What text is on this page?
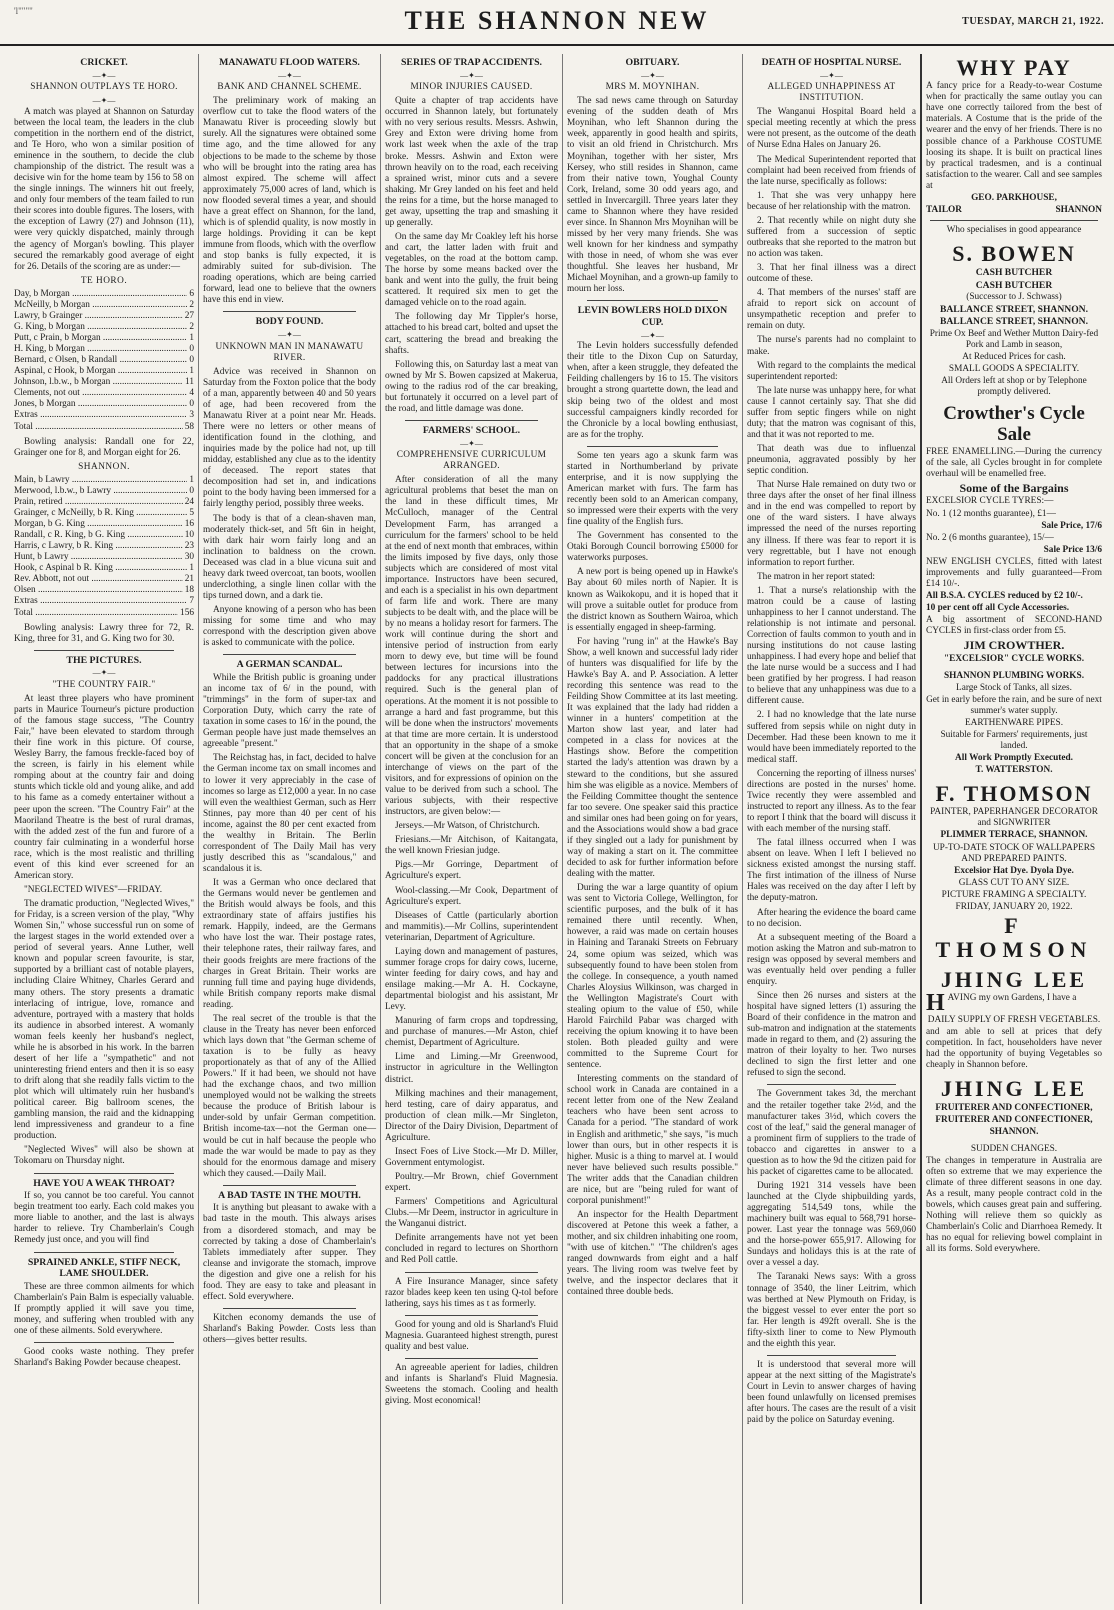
'l""""	THE SHANNON NEW	TUESDAY, MARCH 21, 1922.
CRICKET.
—✦—
SHANNON OUTPLAYS TE HORO.
—✦—

A match was played at Shannon on Saturday between the local team, the leaders in the club competition in the northern end of the district, and Te Horo, who won a similar position of eminence in the southern, to decide the club championship of the district. The result was a decisive win for the home team by 156 to 58 on the single innings. The winners hit out freely, and only four members of the team failed to run their scores into double figures. The losers, with the exception of Lawry (27) and Johnson (11), were very quickly dispatched, mainly through the agency of Morgan's bowling. This player secured the remarkably good average of eight for 26. Details of the scoring are as under:—

TE HORO.
Day, b Morgan .....	6
McNeilly, b Morgan .....	2
Lawry, b Grainger .....	27
G. King, b Morgan .....	2
Putt, c Prain, b Morgan .....	1
H. King, b Morgan .....	0
Bernard, c Olsen, b Randall .....	0
Aspinal, c Hook, b Morgan .....	1
Johnson, l.b.w., b Morgan .....	11
Clements, not out .....	4
Jones, b Morgan .....	0
Extras .....	3
Total .....	58

Bowling analysis: Randall one for 22, Grainger one for 8, and Morgan eight for 26.

SHANNON.
Main, b Lawry .....	1
Merwood, l.b.w., b Lawry .....	0
Prain, retired .....	24
Grainger, c McNeilly, b R. King .....	5
Morgan, b G. King .....	16
Randall, c R. King, b G. King .....	10
Harris, c Lawry, b R. King .....	23
Hunt, b Lawry .....	30
Hook, c Aspinal b R. King .....	1
Rev. Abbott, not out .....	21
Olsen .....	18
Extras .....	7
Total .....	156

Bowling analysis: Lawry three for 72, R. King, three for 31, and G. King two for 30.

THE PICTURES.
—✦—
"THE COUNTRY FAIR."

At least three players who have prominent parts in Maurice Tourneur's picture production of the famous stage success, "The Country Fair," have been elevated to stardom through their fine work in this picture. Of course, Wesley Barry, the famous freckle-faced boy of the screen, is fairly in his element while romping about at the country fair and doing stunts which tickle old and young alike, and add to his fame as a comedy entertainer without a peer upon the screen. "The Country Fair" at the Maoriland Theatre is the best of rural dramas, with the added zest of the fun and furore of a country fair culminating in a wonderful horse race, which is the most realistic and thrilling event of this kind ever screened for an American story.

"NEGLECTED WIVES"—FRIDAY.

The dramatic production, "Neglected Wives," for Friday, is a screen version of the play, "Why Women Sin," whose successful run on some of the largest stages in the world extended over a period of several years. Anne Luther, well known and popular screen favourite, is star, supported by a brilliant cast of notable players, including Claire Whitney, Charles Gerard and many others. The story presents a dramatic interlacing of intrigue, love, romance and adventure, portrayed with a mastery that holds its audience in absorbed interest. A womanly woman feels keenly her husband's neglect, while he is absorbed in his work. In the barren desert of her life a "sympathetic" and not uninteresting friend enters and then it is so easy to drift along that she readily falls victim to the plot which will ultimately ruin her husband's political career. Big ballroom scenes, the gambling mansion, the raid and the kidnapping lend impressiveness and grandeur to a fine production.

"Neglected Wives" will also be shown at Tokomaru on Thursday night.

HAVE YOU A WEAK THROAT?

If so, you cannot be too careful. You cannot begin treatment too early. Each cold makes you more liable to another, and the last is always harder to relieve. Try Chamberlain's Cough Remedy just once, and you will find

SPRAINED ANKLE, STIFF NECK, LAME SHOULDER.

These are three common ailments for which Chamberlain's Pain Balm is especially valuable. If promptly applied it will save you time, money, and suffering when troubled with any one of these ailments. Sold everywhere.

Good cooks waste nothing. They prefer Sharland's Baking Powder because cheapest.

MANAWATU FLOOD WATERS.
—✦—
BANK AND CHANNEL SCHEME.

The preliminary work of making an overflow cut to take the flood waters of the Manawatu River is proceeding slowly but surely. All the signatures were obtained some time ago, and the time allowed for any objections to be made to the scheme by those who will be brought into the rating area has almost expired. The scheme will affect approximately 75,000 acres of land, which is now flooded several times a year, and should have a great effect on Shannon, for the land, which is of splendid quality, is now mostly in large holdings. Providing it can be kept immune from floods, which with the overflow and stop banks is fully expected, it is admirably suited for sub-division. The roading operations, which are being carried forward, lead one to believe that the owners have this end in view.

BODY FOUND.
—✦—
UNKNOWN MAN IN MANAWATU RIVER.

Advice was received in Shannon on Saturday from the Foxton police that the body of a man, apparently between 40 and 50 years of age, had been recovered from the Manawatu River at a point near Mr. Heads. There were no letters or other means of identification found in the clothing, and inquiries made by the police had not, up till midday, established any clue as to the identity of deceased. The report states that decomposition had set in, and indications point to the body having been immersed for a fairly lengthy period, possibly three weeks.

The body is that of a clean-shaven man, moderately thick-set, and 5ft 6in in height, with dark hair worn fairly long and an inclination to baldness on the crown. Deceased was clad in a blue vicuna suit and heavy dark tweed overcoat, tan boots, woollen underclothing, a single linen collar with the tips turned down, and a dark tie.

Anyone knowing of a person who has been missing for some time and who may correspond with the description given above is asked to communicate with the police.

A GERMAN SCANDAL.

While the British public is groaning under an income tax of 6/ in the pound, with "trimmings" in the form of super-tax and Corporation Duty, which carry the rate of taxation in some cases to 16/ in the pound, the German people have just made themselves an agreeable "present."

The Reichstag has, in fact, decided to halve the German income tax on small incomes and to lower it very appreciably in the case of incomes so large as £12,000 a year. In no case will even the wealthiest German, such as Herr Stinnes, pay more than 40 per cent of his income, against the 80 per cent exacted from the wealthy in Britain. The Berlin correspondent of The Daily Mail has very justly described this as "scandalous," and scandalous it is.

It was a German who once declared that the Germans would never be gentlemen and the British would always be fools, and this extraordinary state of affairs justifies his remark. Happily, indeed, are the Germans who have lost the war. Their postage rates, their telephone rates, their railway fares, and their goods freights are mere fractions of the charges in Great Britain. Their works are running full time and paying huge dividends, while British company reports make dismal reading.

The real secret of the trouble is that the clause in the Treaty has never been enforced which lays down that "the German scheme of taxation is to be fully as heavy proportionately as that of any of the Allied Powers." If it had been, we should not have had the exchange chaos, and two million unemployed would not be walking the streets because the produce of British labour is under-sold by unfair German competition. British income-tax—not the German one—would be cut in half because the people who made the war would be made to pay as they should for the enormous damage and misery which they caused.—Daily Mail.

A BAD TASTE IN THE MOUTH.

It is anything but pleasant to awake with a bad taste in the mouth. This always arises from a disordered stomach, and may be corrected by taking a dose of Chamberlain's Tablets immediately after supper. They cleanse and invigorate the stomach, improve the digestion and give one a relish for his food. They are easy to take and pleasant in effect. Sold everywhere.

Kitchen economy demands the use of Sharland's Baking Powder. Costs less than others—gives better results.

SERIES OF TRAP ACCIDENTS.
—✦—
MINOR INJURIES CAUSED.

Quite a chapter of trap accidents have occurred in Shannon lately, but fortunately with no very serious results. Messrs. Ashwin, Grey and Exton were driving home from work last week when the axle of the trap broke. Messrs. Ashwin and Exton were thrown heavily on to the road, each receiving a sprained wrist, minor cuts and a severe shaking. Mr Grey landed on his feet and held the reins for a time, but the horse managed to get away, upsetting the trap and smashing it up generally.

On the same day Mr Coakley left his horse and cart, the latter laden with fruit and vegetables, on the road at the bottom camp. The horse by some means backed over the bank and went into the gully, the fruit being scattered. It required six men to get the damaged vehicle on to the road again.

The following day Mr Tippler's horse, attached to his bread cart, bolted and upset the cart, scattering the bread and breaking the shafts.

Following this, on Saturday last a meat van owned by Mr S. Bowen capsized at Makerua, owing to the radius rod of the car breaking, but fortunately it occurred on a level part of the road, and little damage was done.

FARMERS' SCHOOL.
—✦—
COMPREHENSIVE CURRICULUM ARRANGED.

After consideration of all the many agricultural problems that beset the man on the land in these difficult times, Mr McCulloch, manager of the Central Development Farm, has arranged a curriculum for the farmers' school to be held at the end of next month that embraces, within the limits imposed by five days, only those subjects which are considered of most vital importance. Instructors have been secured, and each is a specialist in his own department of farm life and work. There are many subjects to be dealt with, and the place will be by no means a holiday resort for farmers. The work will continue during the short and intensive period of instruction from early morn to dewy eve, but time will be found between lectures for incursions into the paddocks for any practical illustrations required. Such is the general plan of operations. At the moment it is not possible to arrange a hard and fast programme, but this will be done when the instructors' movements at that time are more certain. It is understood that an opportunity in the shape of a smoke concert will be given at the conclusion for an interchange of views on the part of the visitors, and for expressions of opinion on the value to be derived from such a school. The various subjects, with their respective instructors, are given below:—

Jerseys.—Mr Watson, of Christchurch.

Friesians.—Mr Aitchison, of Kaitangata, the well known Friesian judge.

Pigs.—Mr Gorringe, Department of Agriculture's expert.

Wool-classing.—Mr Cook, Department of Agriculture's expert.

Diseases of Cattle (particularly abortion and mammitis).—Mr Collins, superintendent veterinarian, Department of Agriculture.

Laying down and management of pastures, summer forage crops for dairy cows, lucerne, winter feeding for dairy cows, and hay and ensilage making.—Mr A. H. Cockayne, departmental biologist and his assistant, Mr Levy.

Manuring of farm crops and topdressing, and purchase of manures.—Mr Aston, chief chemist, Department of Agriculture.

Lime and Liming.—Mr Greenwood, instructor in agriculture in the Wellington district.

Milking machines and their management, herd testing, care of dairy apparatus, and production of clean milk.—Mr Singleton, Director of the Dairy Division, Department of Agriculture.

Insect Foes of Live Stock.—Mr D. Miller, Government entymologist.

Poultry.—Mr Brown, chief Government expert.

Farmers' Competitions and Agricultural Clubs.—Mr Deem, instructor in agriculture in the Wanganui district.

Definite arrangements have not yet been concluded in regard to lectures on Shorthorn and Red Poll cattle.

A Fire Insurance Manager, since safety razor blades keep keen ten using Q-tol before lathering, says his times as t as formerly.

Good for young and old is Sharland's Fluid Magnesia. Guaranteed highest strength, purest quality and best value.

An agreeable aperient for ladies, children and infants is Sharland's Fluid Magnesia. Sweetens the stomach. Cooling and health giving. Most economical!

OBITUARY.
—✦—
MRS M. MOYNIHAN.

The sad news came through on Saturday evening of the sudden death of Mrs Moynihan, who left Shannon during the week, apparently in good health and spirits, to visit an old friend in Christchurch. Mrs Moynihan, together with her sister, Mrs Kersey, who still resides in Shannon, came from their native town, Youghal County Cork, Ireland, some 30 odd years ago, and settled in Invercargill. Three years later they came to Shannon where they have resided ever since. In Shannon Mrs Moynihan will be missed by her very many friends. She was well known for her kindness and sympathy with those in need, of whom she was ever thoughtful. She leaves her husband, Mr Michael Moynihan, and a grown-up family to mourn her loss.

LEVIN BOWLERS HOLD DIXON CUP.
—✦—

The Levin holders successfully defended their title to the Dixon Cup on Saturday, when, after a keen struggle, they defeated the Feilding challengers by 16 to 15. The visitors brought a strong quartette down, the lead and skip being two of the oldest and most successful campaigners kindly recorded for the Chronicle by a local bowling enthusiast, are as for the trophy.

Some ten years ago a skunk farm was started in Northumberland by private enterprise, and it is now supplying the American market with furs. The farm has recently been sold to an American company, so impressed were their experts with the very fine quality of the English furs.

The Government has consented to the Otaki Borough Council borrowing £5000 for waterworks purposes.

A new port is being opened up in Hawke's Bay about 60 miles north of Napier. It is known as Waikokopu, and it is hoped that it will prove a suitable outlet for produce from the district known as Southern Wairoa, which is essentially engaged in sheep-farming.

For having "rung in" at the Hawke's Bay Show, a well known and successful lady rider of hunters was disqualified for life by the Hawke's Bay A. and P. Association. A letter recording this sentence was read to the Feilding Show Committee at its last meeting. It was explained that the lady had ridden a winner in a hunters' competition at the Marton show last year, and later had competed in a class for novices at the Hastings show. Before the competition started the lady's attention was drawn by a steward to the conditions, but she assured him she was eligible as a novice. Members of the Feilding Committee thought the sentence far too severe. One speaker said this practice and similar ones had been going on for years, and the Associations would show a bad grace if they singled out a lady for punishment by way of making a start on it. The committee decided to ask for further information before dealing with the matter.

During the war a large quantity of opium was sent to Victoria College, Wellington, for scientific purposes, and the bulk of it has remained there until recently. When, however, a raid was made on certain houses in Haining and Taranaki Streets on February 24, some opium was seized, which was subsequently found to have been stolen from the college. In consequence, a youth named Charles Aloysius Wilkinson, was charged in the Wellington Magistrate's Court with stealing opium to the value of £50, while Harold Fairchild Pabar was charged with receiving the opium knowing it to have been stolen. Both pleaded guilty and were committed to the Supreme Court for sentence.

Interesting comments on the standard of school work in Canada are contained in a recent letter from one of the New Zealand teachers who have been sent across to Canada for a period. "The standard of work in English and arithmetic," she says, "is much lower than ours, but in other respects it is higher. Music is a thing to marvel at. I would never have believed such results possible." The writer adds that the Canadian children are nice, but are "being ruled for want of corporal punishment!"

An inspector for the Health Department discovered at Petone this week a father, a mother, and six children inhabiting one room, "with use of kitchen." "The children's ages ranged downwards from eight and a half years. The living room was twelve feet by twelve, and the inspector declares that it contained three double beds.

DEATH OF HOSPITAL NURSE.
—✦—
ALLEGED UNHAPPINESS AT INSTITUTION.

The Wanganui Hospital Board held a special meeting recently at which the press were not present, as the outcome of the death of Nurse Edna Hales on January 26.

The Medical Superintendent reported that complaint had been received from friends of the late nurse, specifically as follows:

1. That she was very unhappy here because of her relationship with the matron.

2. That recently while on night duty she suffered from a succession of septic outbreaks that she reported to the matron but no action was taken.

3. That her final illness was a direct outcome of these.

4. That members of the nurses' staff are afraid to report sick on account of unsympathetic reception and prefer to remain on duty.

The nurse's parents had no complaint to make.

With regard to the complaints the medical superintendent reported:

The late nurse was unhappy here, for what cause I cannot certainly say. That she did suffer from septic fingers while on night duty; that the matron was cognisant of this, and that it was not reported to me.

That death was due to influenzal pneumonia, aggravated possibly by her septic condition.

That Nurse Hale remained on duty two or three days after the onset of her final illness and in the end was compelled to report by one of the ward sisters. I have always impressed the need of the nurses reporting any illness. If there was fear to report it is very regrettable, but I have not enough information to report further.

The matron in her report stated:

1. That a nurse's relationship with the matron could be a cause of lasting unhappiness to her I cannot understand. The relationship is not intimate and personal. Correction of faults common to youth and in nursing institutions do not cause lasting unhappiness. I had every hope and belief that the late nurse would be a success and I had been gratified by her progress. I had reason to believe that any unhappiness was due to a different cause.

2. I had no knowledge that the late nurse suffered from sepsis while on night duty in December. Had these been known to me it would have been immediately reported to the medical staff.

Concerning the reporting of illness nurses' directions are posted in the nurses' home. Twice recently they were assembled and instructed to report any illness. As to the fear to report I think that the board will discuss it with each member of the nursing staff.

The fatal illness occurred when I was absent on leave. When I left I believed no sickness existed amongst the nursing staff. The first intimation of the illness of Nurse Hales was received on the day after I left by the deputy-matron.

After hearing the evidence the board came to no decision.

At a subsequent meeting of the Board a motion asking the Matron and sub-matron to resign was opposed by several members and was eventually held over pending a fuller enquiry.

Since then 26 nurses and sisters at the hospital have signed letters (1) assuring the Board of their confidence in the matron and sub-matron and indignation at the statements made in regard to them, and (2) assuring the matron of their loyalty to her. Two nurses declined to sign the first letter and one refused to sign the second.

The Government takes 3d, the merchant and the retailer together take 2½d, and the manufacturer takes 3½d, which covers the cost of the leaf," said the general manager of a prominent firm of suppliers to the trade of tobacco and cigarettes in answer to a question as to how the 9d the citizen paid for his packet of cigarettes came to be allocated.

During 1921 314 vessels have been launched at the Clyde shipbuilding yards, aggregating 514,549 tons, while the machinery built was equal to 568,791 horse-power. Last year the tonnage was 569,060 and the horse-power 655,917. Allowing for Sundays and holidays this is at the rate of over a vessel a day.

The Taranaki News says: With a gross tonnage of 3540, the liner Leitrim, which was berthed at New Plymouth on Friday, is the biggest vessel to ever enter the port so far. Her length is 492ft overall. She is the fifty-sixth liner to come to New Plymouth and the eighth this year.

It is understood that several more will appear at the next sitting of the Magistrate's Court in Levin to answer charges of having been found unlawfully on licensed premises after hours. The cases are the result of a visit paid by the police on Saturday evening.

WHY PAY

A fancy price for a Ready-to-wear Costume when for practically the same outlay you can have one correctly tailored from the best of materials. A Costume that is the pride of the wearer and the envy of her friends. There is no possible chance of a Parkhouse COSTUME loosing its shape. It is built on practical lines by practical tradesmen, and is a continual satisfaction to the wearer. Call and see samples at

GEO. PARKHOUSE,

TAILOR	SHANNON

Who specialises in good appearance

S. BOWEN

CASH BUTCHER

CASH BUTCHER

(Successor to J. Schwass)

BALLANCE STREET, SHANNON.

BALLANCE STREET, SHANNON.

Prime Ox Beef and Wether Mutton Dairy-fed Pork and Lamb in season,

At Reduced Prices for cash.

SMALL GOODS A SPECIALITY.

All Orders left at shop or by Telephone promptly delivered.

Crowther's Cycle Sale

FREE ENAMELLING.—During the currency of the sale, all Cycles brought in for complete overhaul will be enamelled free.

Some of the Bargains

EXCELSIOR CYCLE TYRES:—

No. 1 (12 months guarantee), £1—

Sale Price, 17/6

No. 2 (6 months guarantee), 15/—

Sale Price 13/6

NEW ENGLISH CYCLES, fitted with latest improvements and fully guaranteed—From £14 10/-.

All B.S.A. CYCLES reduced by £2 10/-.

10 per cent off all Cycle Accessories.

A big assortment of SECOND-HAND CYCLES in first-class order from £5.

JIM CROWTHER.

"EXCELSIOR" CYCLE WORKS.

SHANNON PLUMBING WORKS.

Large Stock of Tanks, all sizes.

Get in early before the rain, and be sure of next summer's water supply.

EARTHENWARE PIPES.

Suitable for Farmers' requirements, just landed.

All Work Promptly Executed.

T. WATTERSTON.

F. THOMSON

PAINTER, PAPERHANGER DECORATOR and SIGNWRITER

PLIMMER TERRACE, SHANNON.

UP-TO-DATE STOCK OF WALLPAPERS AND PREPARED PAINTS.

Excelsior Hat Dye. Dyola Dye.

GLASS CUT TO ANY SIZE.

PICTURE FRAMING A SPECIALTY.

FRIDAY, JANUARY 20, 1922.

F THOMSON

JHING LEE

HAVING my own Gardens, I have a

DAILY SUPPLY OF FRESH VEGETABLES.

and am able to sell at prices that defy competition. In fact, householders have never had the opportunity of buying Vegetables so cheaply in Shannon before.

JHING LEE

FRUITERER AND CONFECTIONER,

FRUITERER AND CONFECTIONER,

SHANNON.

SUDDEN CHANGES.

The changes in temperature in Australia are often so extreme that we may experience the climate of three different seasons in one day. As a result, many people contract cold in the bowels, which causes great pain and suffering. Nothing will relieve them so quickly as Chamberlain's Colic and Diarrhoea Remedy. It has no equal for relieving bowel complaint in all its forms. Sold everywhere.
